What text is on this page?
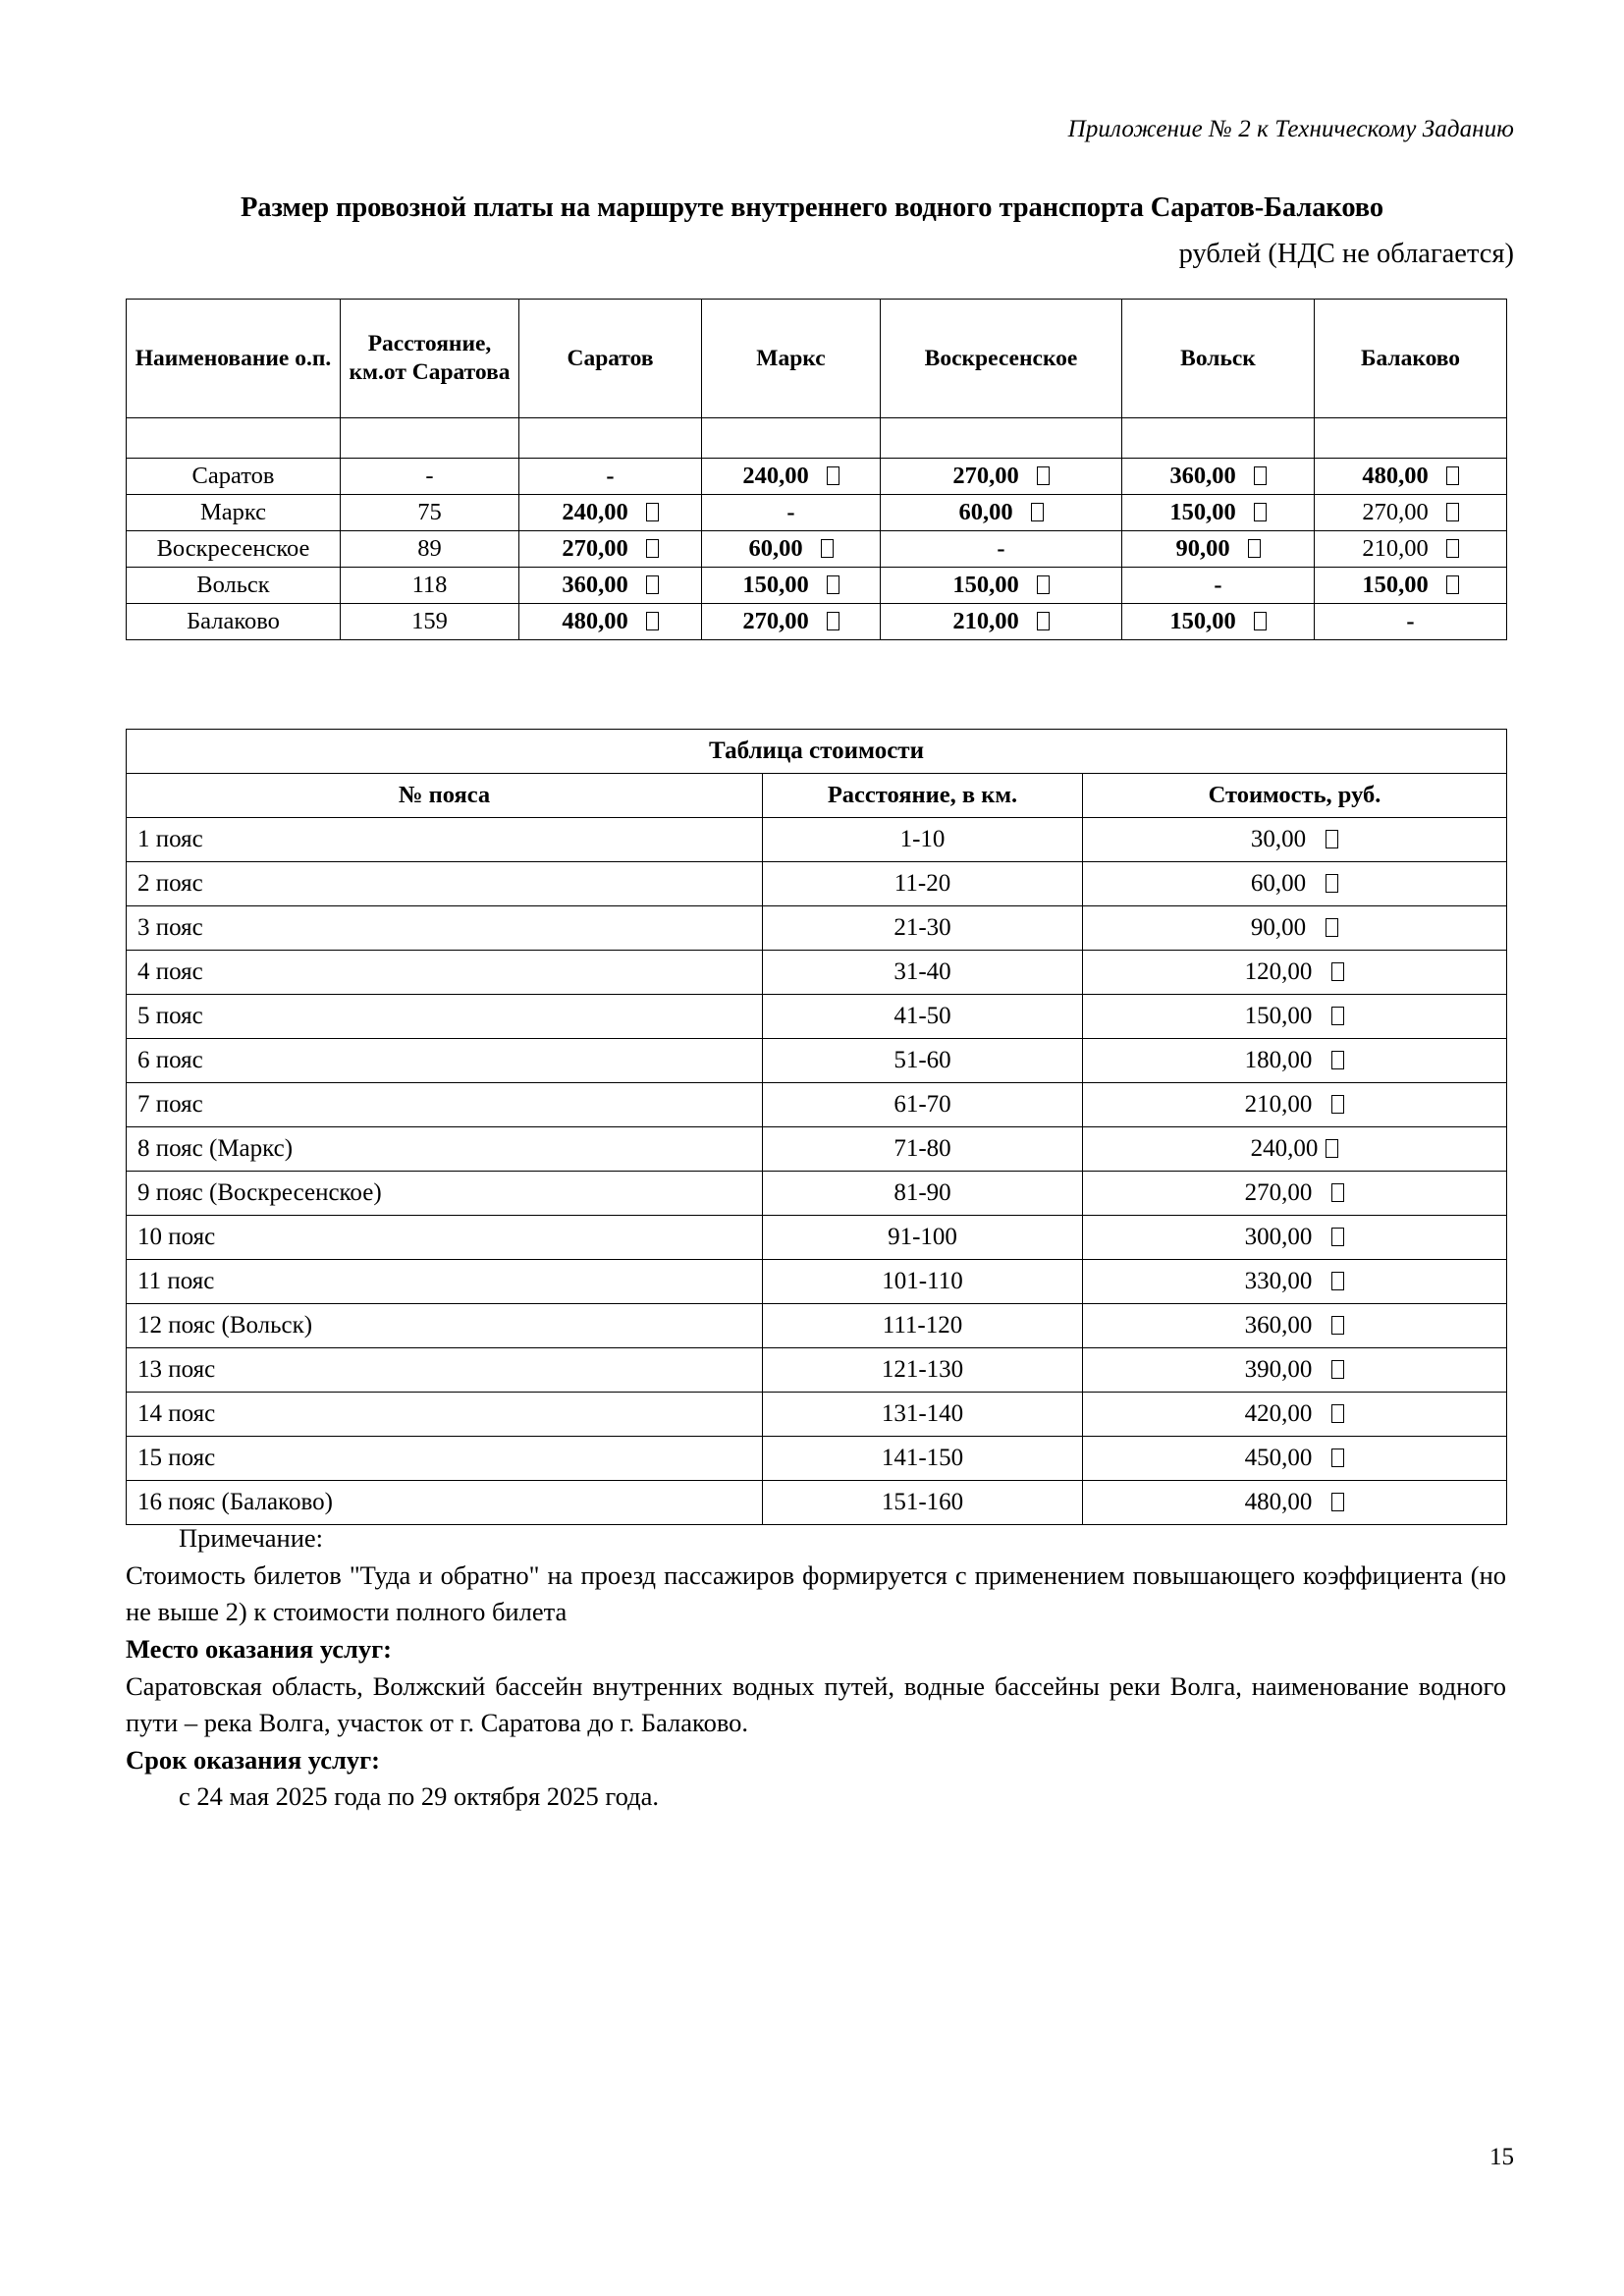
Приложение № 2 к Техническому Заданию
Размер провозной платы на маршруте внутреннего водного транспорта Саратов-Балаково
рублей (НДС не облагается)
Наименование о.п.	Расстояние, км.от Саратова	Саратов	Маркс	Воскресенское	Вольск	Балаково

Саратов	-	-	240,00	270,00	360,00	480,00
Маркс	75	240,00	-	60,00	150,00	270,00
Воскресенское	89	270,00	60,00	-	90,00	210,00
Вольск	118	360,00	150,00	150,00	-	150,00
Балаково	159	480,00	270,00	210,00	150,00	-
Таблица стоимости		
№ пояса	Расстояние, в км.	Стоимость, руб.
1 пояс	1-10	30,00
2 пояс	11-20	60,00
3 пояс	21-30	90,00
4 пояс	31-40	120,00
5 пояс	41-50	150,00
6 пояс	51-60	180,00
7 пояс	61-70	210,00
8 пояс (Маркс)	71-80	240,00
9 пояс (Воскресенское)	81-90	270,00
10 пояс	91-100	300,00
11 пояс	101-110	330,00
12 пояс (Вольск)	111-120	360,00
13 пояс	121-130	390,00
14 пояс	131-140	420,00
15 пояс	141-150	450,00
16 пояс (Балаково)	151-160	480,00

Примечание:

Стоимость билетов "Туда и обратно" на проезд пассажиров формируется с применением повышающего коэффициента (но не выше 2) к стоимости полного билета

Место оказания услуг:

Саратовская область, Волжский бассейн внутренних водных путей, водные бассейны реки Волга, наименование водного пути – река Волга, участок от г. Саратова до г. Балаково.

Срок оказания услуг:

с 24 мая 2025 года по 29 октября 2025 года.

15
